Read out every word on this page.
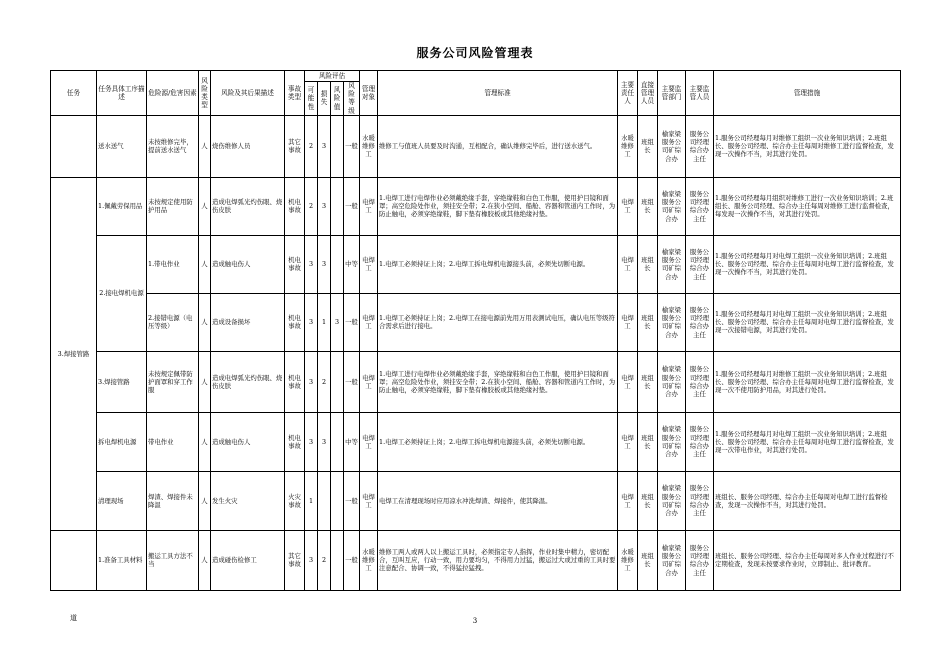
服务公司风险管理表
任务	任务具体工序描述	危险源/危害因素	风险类型	风险及其后果描述	事故类型	风险评估				管理对象	管理标准	主要责任人	直接管理人员	主要监管部门	主要监管人员	管理措施
						可能性	损失	风险值	风险等级							
	送水送气	未按维修完毕，提前送水送气	人	烧伤维修人员	其它事故	2	3		一般	水暖维修工	维修工与值班人员要及时沟通，互相配合，确认维修完毕后，进行送水送气。	水暖维修工	班组长	榆家梁服务公司矿综合办	服务公司经理综合办主任	1.服务公司经理每月对维修工组织一次业务知识培训；2.班组长、服务公司经理、综合办主任每周对维修工进行监督检查，发现一次操作不当，对其进行处罚。
3.焊接管路	1.佩戴劳保用品	未按规定使用防护用品	人	造成电焊弧光灼伤眼、烧伤皮肤	机电事故	2	3		一般	电焊工	1.电焊工进行电焊作业必须戴绝缘手套，穿绝缘鞋和白色工作服，使用护目镜和面罩；高空危险处作业，须挂安全带；2.在狭小空间、船舱、容器和管道内工作时，为防止触电，必须穿绝缘鞋，脚下垫有橡胶板或其他绝缘衬垫。	电焊工	班组长	榆家梁服务公司矿综合办	服务公司经理综合办主任	1.服务公司经理每月组织对维修工进行一次业务知识培训；2.班组长、服务公司经理、综合办主任每周对维修工进行监督检查，每发现一次操作不当，对其进行处罚。
	2.接电焊机电源	1.带电作业	人	造成触电伤人	机电事故	3	3		中等	电焊工	1.电焊工必须持证上岗；2.电焊工拆电焊机电源接头前，必须先切断电源。	电焊工	班组长	榆家梁服务公司矿综合办	服务公司经理综合办主任	1.服务公司经理每月对电焊工组织一次业务知识培训；2.班组长、服务公司经理、综合办主任每周对电焊工进行监督检查，发现一次操作不当，对其进行处罚。
		2.接错电源（电压等级）	人	造成设备损坏	机电事故	3	1	3	一般	电焊工	1.电焊工必须持证上岗；2.电焊工在接电源前先用万用表测试电压，确认电压等级符合需求后进行接电。	电焊工	班组长	榆家梁服务公司矿综合办	服务公司经理综合办主任	1.服务公司经理每月对电焊工组织一次业务知识培训；2.班组长、服务公司经理、综合办主任每周对电焊工进行监督检查，发现一次接错电源，对其进行处罚。
	3.焊接管路	未按规定佩带防护面罩和穿工作服	人	造成电焊弧光灼伤眼、烧伤皮肤	机电事故	3	2		一般	电焊工	1.电焊工进行电焊作业必须戴绝缘手套，穿绝缘鞋和白色工作服，使用护目镜和面罩；高空危险处作业，须挂安全带；2.在狭小空间、船舱、容器和管道内工作时，为防止触电，必须穿绝缘鞋，脚下垫有橡胶板或其他绝缘衬垫。	电焊工	班组长	榆家梁服务公司矿综合办	服务公司经理综合办主任	1.服务公司经理每月对维修工组织一次业务知识培训；2.班组长、服务公司经理、综合办主任每周对电焊工进行监督检查，发现一次不使用防护用品，对其进行处罚。
	拆电焊机电源	带电作业	人	造成触电伤人	机电事故	3	3		中等	电焊工	1.电焊工必须持证上岗；2.电焊工拆电焊机电源接头前，必须先切断电源。	电焊工	班组长	榆家梁服务公司矿综合办	服务公司经理综合办主任	1.服务公司经理每月对电焊工组织一次业务知识培训；2.班组长、服务公司经理、综合办主任每周对电焊工进行监督检查，发现一次带电作业，对其进行处罚。
	清理现场	焊渣、焊接件未降温	人	发生火灾	火灾事故	1			一般	电焊工	电焊工在清理现场时应用凉水冲洗焊渣、焊接件，使其降温。	电焊工	班组长	榆家梁服务公司矿综合办	服务公司经理综合办主任	班组长、服务公司经理、综合办主任每周对电焊工进行监督检查，发现一次操作不当，对其进行处罚。
	1.准备工具材料	搬运工具方法不当	人	造成碰伤检修工	其它事故	3	2		一般	水暖维修工	维修工两人或两人以上搬运工具时，必须指定专人指挥，作业时集中精力，密切配合，互叫互应，行动一致，用力要均匀，不得用力过猛，搬运过大或过重的工具时要注意配合、协调一致，不得猛拉猛拽。	水暖维修工	班组长	榆家梁服务公司矿综合办	服务公司经理综合办主任	班组长、服务公司经理、综合办主任每周对多人作业过程进行不定期检查，发现未按要求作业时，立即制止、批评教育。
道	3
